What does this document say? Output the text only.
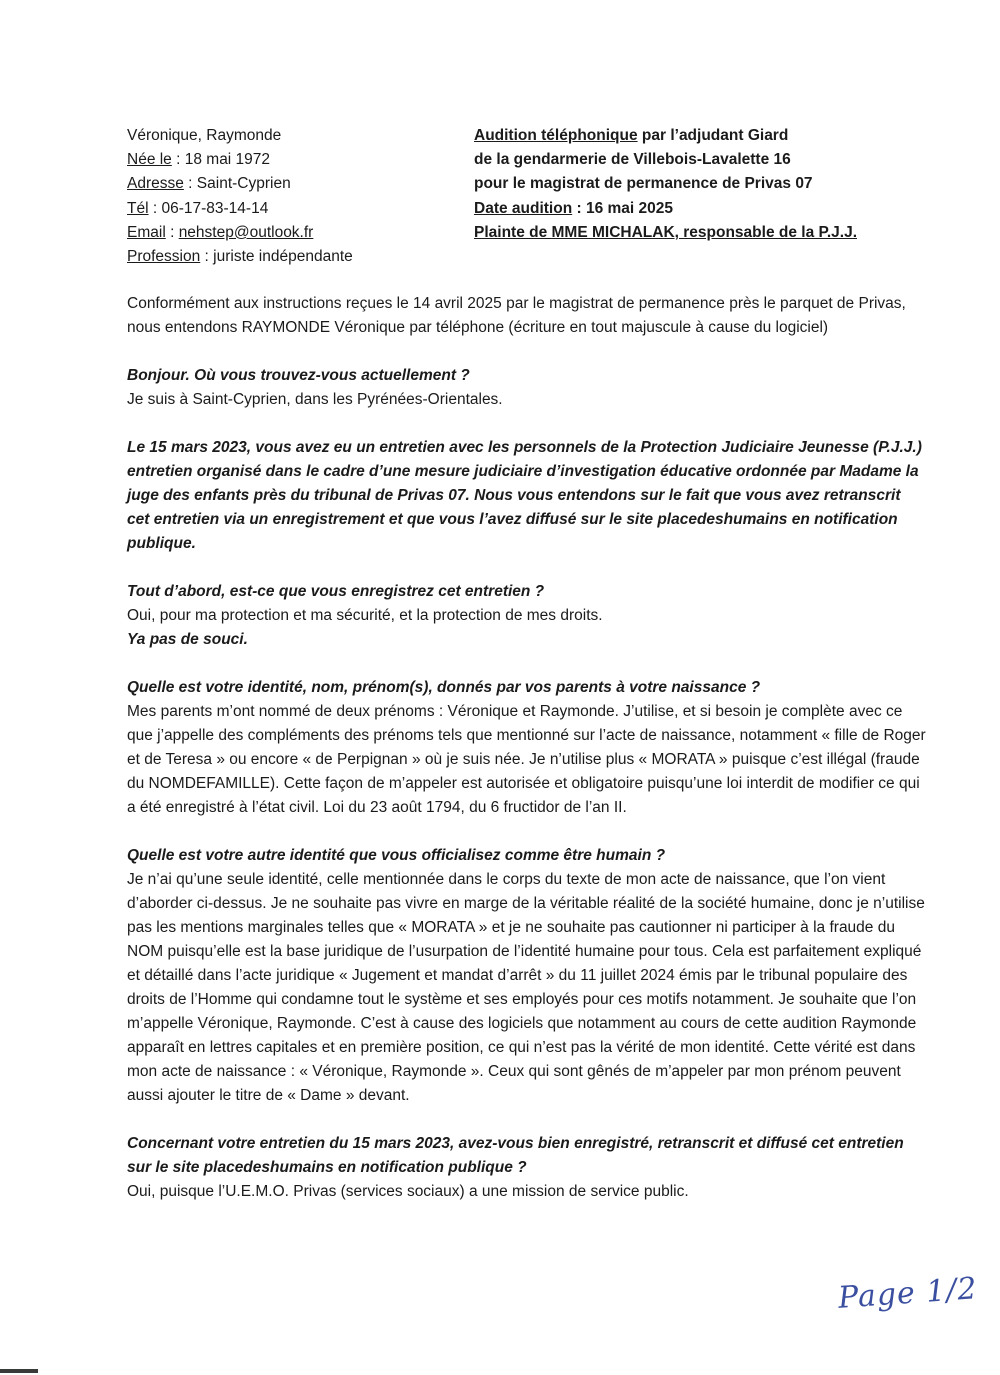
Véronique, Raymonde
Née le : 18 mai 1972
Adresse : Saint-Cyprien
Tél : 06-17-83-14-14
Email : nehstep@outlook.fr
Profession : juriste indépendante
Audition téléphonique par l’adjudant Giard
de la gendarmerie de Villebois-Lavalette 16
pour le magistrat de permanence de Privas 07
Date audition : 16 mai 2025
Plainte de MME MICHALAK, responsable de la P.J.J.

Conformément aux instructions reçues le 14 avril 2025 par le magistrat de permanence près le parquet de Privas, nous entendons RAYMONDE Véronique par téléphone (écriture en tout majuscule à cause du logiciel)

Bonjour. Où vous trouvez-vous actuellement ?
Je suis à Saint-Cyprien, dans les Pyrénées-Orientales.
Le 15 mars 2023, vous avez eu un entretien avec les personnels de la Protection Judiciaire Jeunesse (P.J.J.) entretien organisé dans le cadre d’une mesure judiciaire d’investigation éducative ordonnée par Madame la juge des enfants près du tribunal de Privas 07. Nous vous entendons sur le fait que vous avez retranscrit cet entretien via un enregistrement et que vous l’avez diffusé sur le site placedeshumains en notification publique.
Tout d’abord, est-ce que vous enregistrez cet entretien ?
Oui, pour ma protection et ma sécurité, et la protection de mes droits.
Ya pas de souci.
Quelle est votre identité, nom, prénom(s), donnés par vos parents à votre naissance ?
Mes parents m’ont nommé de deux prénoms : Véronique et Raymonde. J’utilise, et si besoin je complète avec ce que j’appelle des compléments des prénoms tels que mentionné sur l’acte de naissance, notamment « fille de Roger et de Teresa » ou encore « de Perpignan » où je suis née. Je n’utilise plus « MORATA » puisque c’est illégal (fraude du NOMDEFAMILLE). Cette façon de m’appeler est autorisée et obligatoire puisqu’une loi interdit de modifier ce qui a été enregistré à l’état civil. Loi du 23 août 1794, du 6 fructidor de l’an II.
Quelle est votre autre identité que vous officialisez comme être humain ?
Je n’ai qu’une seule identité, celle mentionnée dans le corps du texte de mon acte de naissance, que l’on vient d’aborder ci-dessus. Je ne souhaite pas vivre en marge de la véritable réalité de la société humaine, donc je n’utilise pas les mentions marginales telles que « MORATA » et je ne souhaite pas cautionner ni participer à la fraude du NOM puisqu’elle est la base juridique de l’usurpation de l’identité humaine pour tous. Cela est parfaitement expliqué et détaillé dans l’acte juridique « Jugement et mandat d’arrêt » du 11 juillet 2024 émis par le tribunal populaire des droits de l’Homme qui condamne tout le système et ses employés pour ces motifs notamment. Je souhaite que l’on m’appelle Véronique, Raymonde. C’est à cause des logiciels que notamment au cours de cette audition Raymonde apparaît en lettres capitales et en première position, ce qui n’est pas la vérité de mon identité. Cette vérité est dans mon acte de naissance : « Véronique, Raymonde ». Ceux qui sont gênés de m’appeler par mon prénom peuvent aussi ajouter le titre de « Dame » devant.
Concernant votre entretien du 15 mars 2023, avez-vous bien enregistré, retranscrit et diffusé cet entretien sur le site placedeshumains en notification publique ?
Oui, puisque l’U.E.M.O. Privas (services sociaux) a une mission de service public.
Page 1/2
